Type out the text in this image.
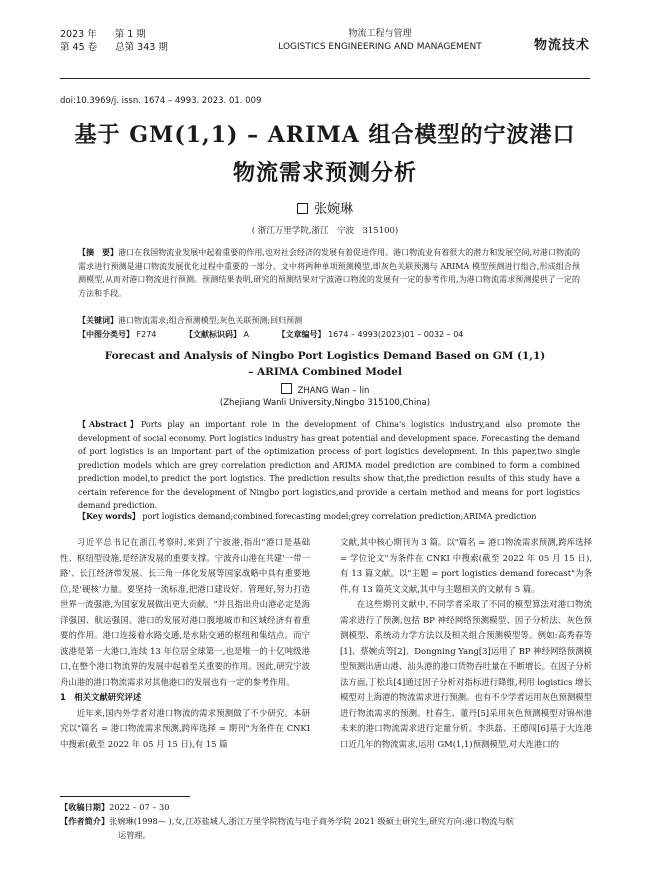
2023 年 第 1 期
第 45 卷 总第 343 期
物流工程与管理
LOGISTICS ENGINEERING AND MANAGEMENT	物流技术
doi:10.3969/j. issn. 1674 – 4993. 2023. 01. 009
基于 GM(1,1) – ARIMA 组合模型的宁波港口
物流需求预测分析
张婉琳
( 浙江万里学院,浙江　宁波　315100)
【摘　要】港口在我国物流业发展中起着重要的作用,也对社会经济的发展有着促进作用。港口物流业有着很大的潜力和发展空间,对港口物流的需求进行预测是港口物流发展优化过程中重要的一部分。文中将两种单项预测模型,即灰色关联预测与 ARIMA 模型预测进行组合,形成组合预测模型,从而对港口物流进行预测。预测结果表明,研究的预测结果对宁波港口物流的发展有一定的参考作用,为港口物流需求预测提供了一定的方法和手段。
【关键词】港口物流需求;组合预测模型;灰色关联预测;回归预测
【中图分类号】 F274	【文献标识码】 A	【文章编号】 1674 – 4993(2023)01 – 0032 – 04
Forecast and Analysis of Ningbo Port Logistics Demand Based on GM (1,1)
– ARIMA Combined Model
ZHANG Wan – lin
(Zhejiang Wanli University,Ningbo 315100,China)
【Abstract】Ports play an important role in the development of China's logistics industry,and also promote the development of social economy. Port logistics industry has great potential and development space. Forecasting the demand of port logistics is an important part of the optimization process of port logistics development. In this paper,two single prediction models which are grey correlation prediction and ARIMA model prediction are combined to form a combined prediction model,to predict the port logistics. The prediction results show that,the prediction results of this study have a certain reference for the development of Ningbo port logistics,and provide a certain method and means for port logistics demand prediction.
【Key words】 port logistics demand;combined forecasting model;grey correlation prediction;ARIMA prediction

习近平总书记在浙江考察时,来到了宁波港,指出"港口是基础性、枢纽型设施,是经济发展的重要支撑。宁波舟山港在共建'一带一路'、长江经济带发展、长三角一体化发展等国家战略中具有重要地位,是'硬核'力量。要坚持一流标准,把港口建设好、管理好,努力打造世界一流强港,为国家发展做出更大贡献。"并且指出舟山港必定是海洋强国、航运强国。港口的发展对港口腹地城市和区域经济有着重要的作用。港口连接着水路交通,是水陆交通的枢纽和集结点。而宁波港是第一大港口,连续 13 年位居全球第一,也是唯一的十亿吨级港口,在整个港口物流界的发展中起着至关重要的作用。因此,研究宁波舟山港的港口物流需求对其他港口的发展也有一定的参考作用。

1　相关文献研究评述

近年来,国内外学者对港口物流的需求预测做了不少研究。本研究以"篇名 = 港口物流需求预测,跨库选择 = 期刊"为条件在 CNKI 中搜索(截至 2022 年 05 月 15 日),有 15 篇

文献,其中核心期刊为 3 篇。以"篇名 = 港口物流需求预测,跨库选择 = 学位论文"为条件在 CNKI 中搜索(截至 2022 年 05 月 15 日),有 13 篇文献。以"主题 = port logistics demand forecast"为条件,有 13 篇英文文献,其中与主题相关的文献有 5 篇。

在这些期刊文献中,不同学者采取了不同的模型算法对港口物流需求进行了预测,包括 BP 神经网络预测模型、因子分析法、灰色预测模型、系统动力学方法以及相关组合预测模型等。例如:高秀春等[1]、蔡婉贞等[2]、Dongning Yang[3]运用了 BP 神经网络预测模型预测出唐山港、汕头港的港口货物吞吐量在不断增长。在因子分析法方面,丁松兵[4]通过因子分析对指标进行降维,利用 logistics 增长模型对上海港的物流需求进行预测。也有不少学者运用灰色预测模型进行物流需求的预测。杜春生、董丹[5]采用灰色预测模型对锦州港未来的港口物流需求进行定量分析。李洪磊、王德闯[6]基于大连港口近几年的物流需求,运用 GM(1,1)预测模型,对大连港口的

【收稿日期】2022 – 07 – 30
【作者简介】张婉琳(1998— ),女,江苏盐城人,浙江万里学院物流与电子商务学院 2021 级硕士研究生,研究方向:港口物流与航
运管理。
